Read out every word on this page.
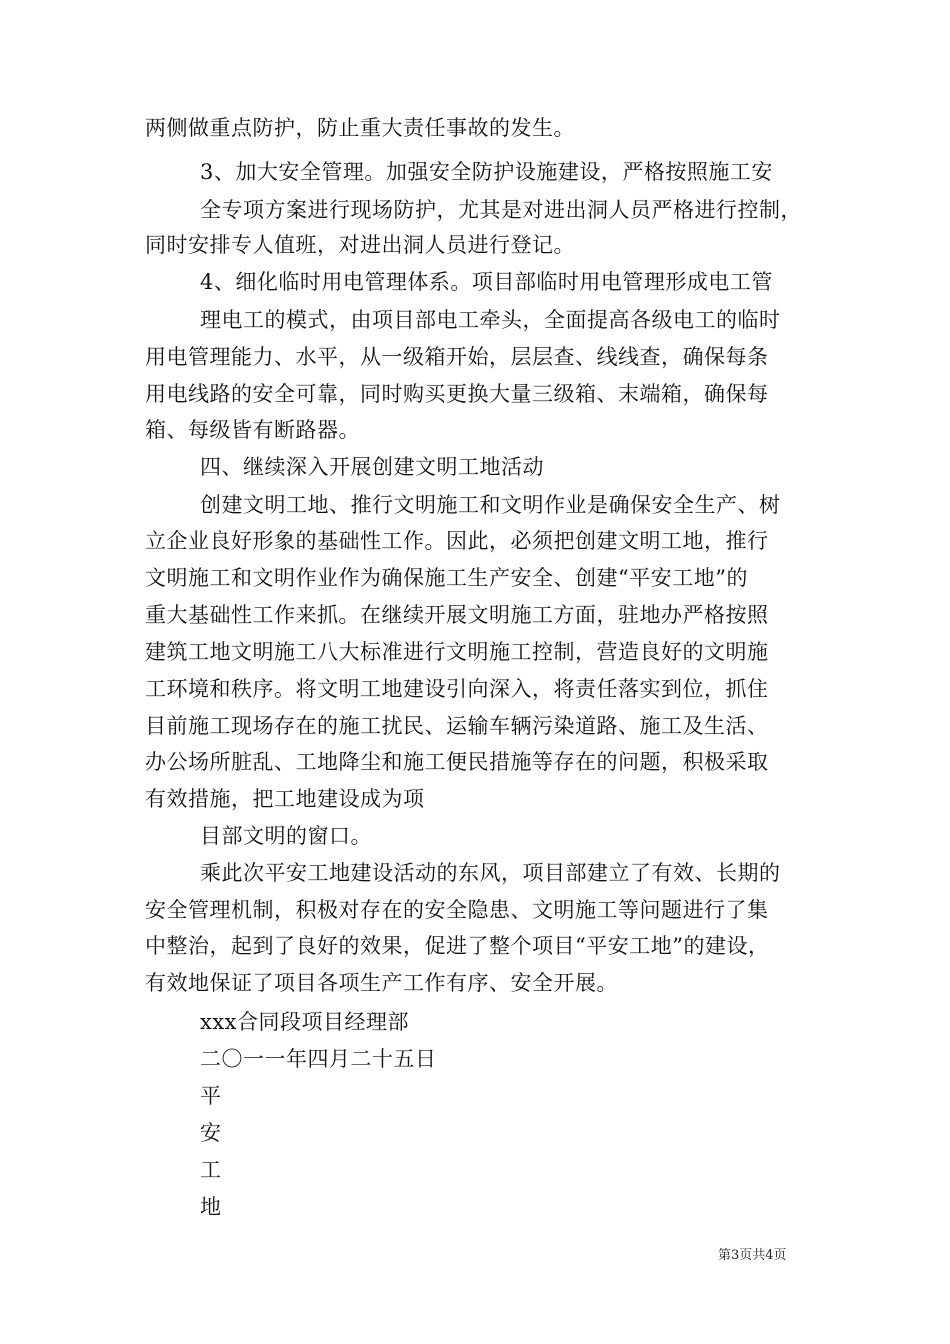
两侧做重点防护，防止重大责任事故的发生。
3、加大安全管理。加强安全防护设施建设，严格按照施工安
全专项方案进行现场防护，尤其是对进出洞人员严格进行控制，
同时安排专人值班，对进出洞人员进行登记。
4、细化临时用电管理体系。项目部临时用电管理形成电工管
理电工的模式，由项目部电工牵头，全面提高各级电工的临时
用电管理能力、水平，从一级箱开始，层层查、线线查，确保每条
用电线路的安全可靠，同时购买更换大量三级箱、末端箱，确保每
箱、每级皆有断路器。
四、继续深入开展创建文明工地活动
创建文明工地、推行文明施工和文明作业是确保安全生产、树
立企业良好形象的基础性工作。因此，必须把创建文明工地，推行
文明施工和文明作业作为确保施工生产安全、创建“平安工地”的
重大基础性工作来抓。在继续开展文明施工方面，驻地办严格按照
建筑工地文明施工八大标准进行文明施工控制，营造良好的文明施
工环境和秩序。将文明工地建设引向深入，将责任落实到位，抓住
目前施工现场存在的施工扰民、运输车辆污染道路、施工及生活、
办公场所脏乱、工地降尘和施工便民措施等存在的问题，积极采取
有效措施，把工地建设成为项
目部文明的窗口。
乘此次平安工地建设活动的东风，项目部建立了有效、长期的
安全管理机制，积极对存在的安全隐患、文明施工等问题进行了集
中整治，起到了良好的效果，促进了整个项目“平安工地”的建设，
有效地保证了项目各项生产工作有序、安全开展。
xxx合同段项目经理部
二〇一一年四月二十五日
平
安
工
地
第3页共4页
